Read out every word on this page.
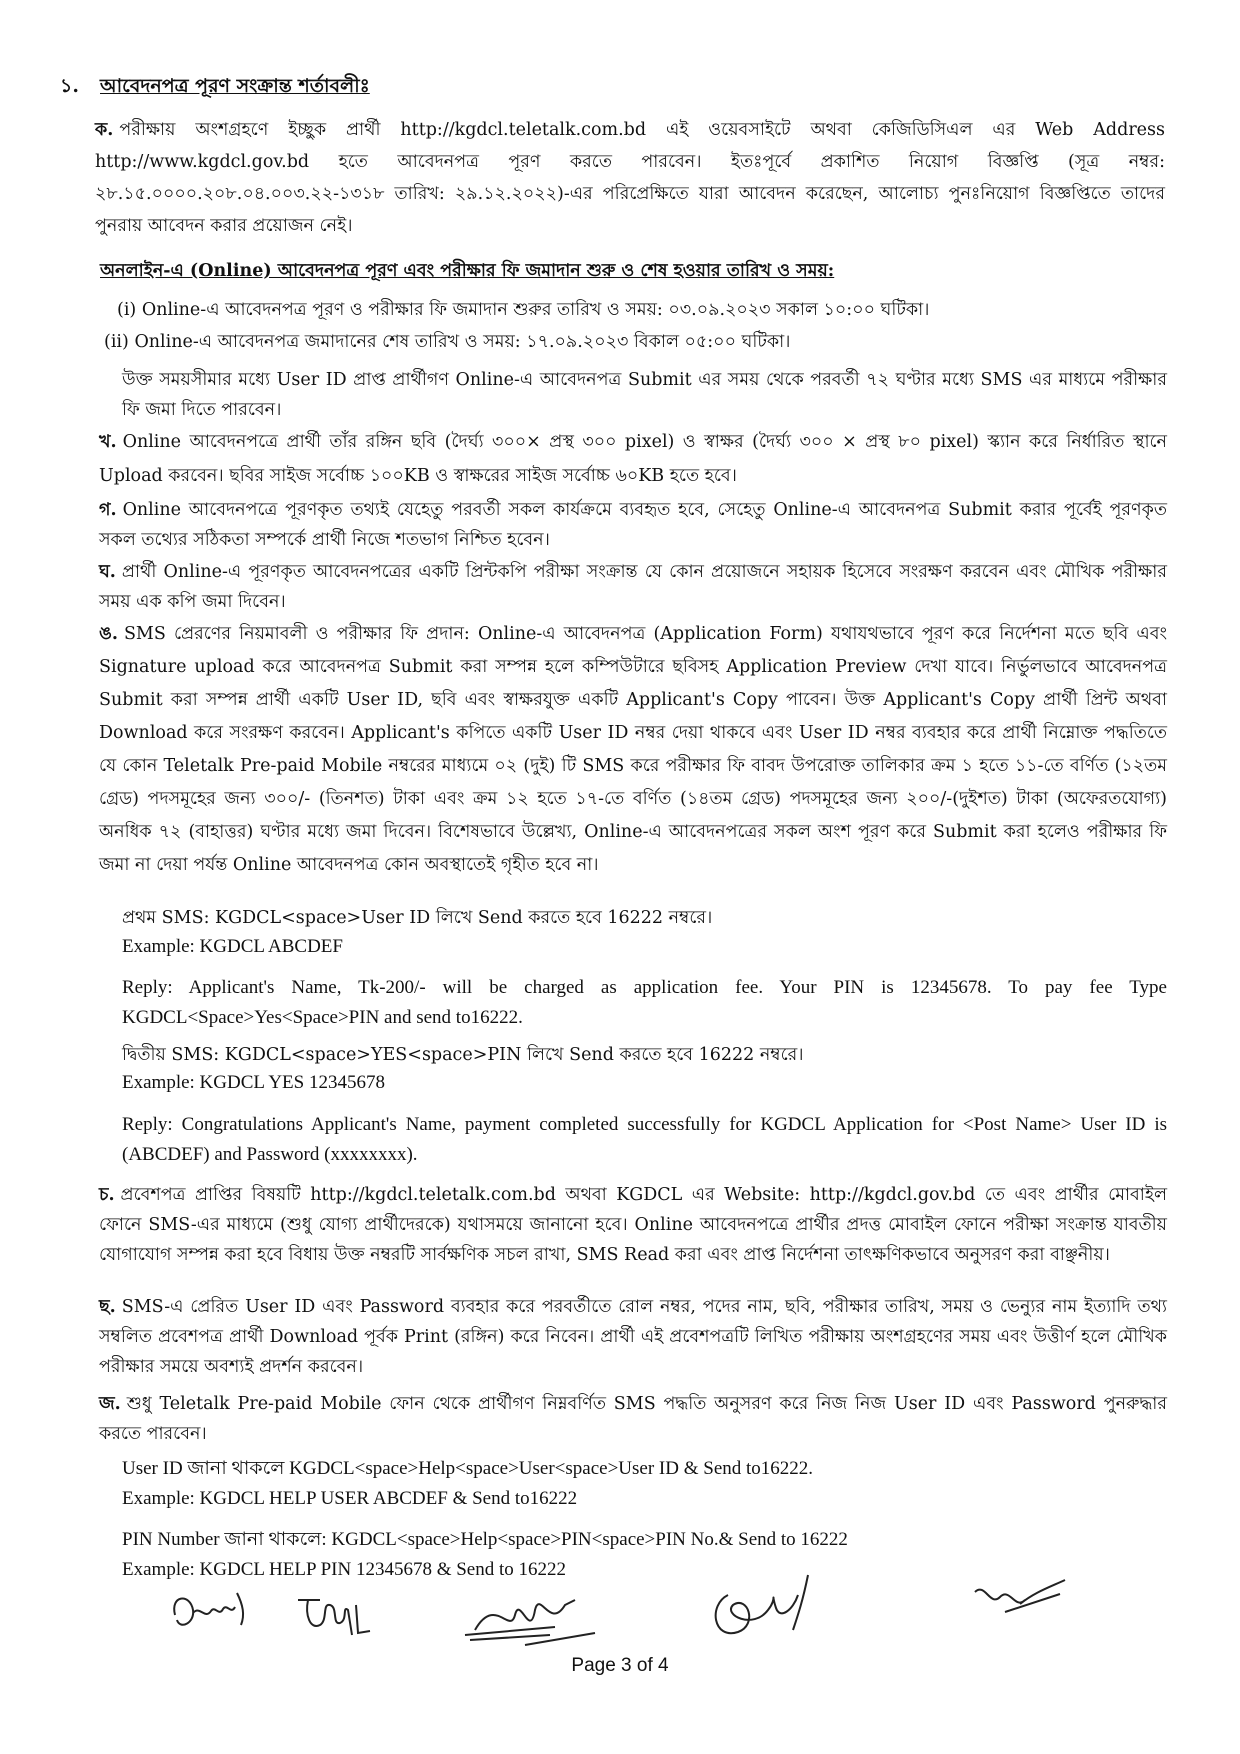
১. আবেদনপত্র পূরণ সংক্রান্ত শর্তাবলীঃ
ক. পরীক্ষায় অংশগ্রহণে ইচ্ছুক প্রার্থী http://kgdcl.teletalk.com.bd এই ওয়েবসাইটে অথবা কেজিডিসিএল এর Web Address http://www.kgdcl.gov.bd হতে আবেদনপত্র পূরণ করতে পারবেন। ইতঃপূর্বে প্রকাশিত নিয়োগ বিজ্ঞপ্তি (সূত্র নম্বর: ২৮.১৫.০০০০.২০৮.০৪.০০৩.২২-১৩১৮ তারিখ: ২৯.১২.২০২২)-এর পরিপ্রেক্ষিতে যারা আবেদন করেছেন, আলোচ্য পুনঃনিয়োগ বিজ্ঞপ্তিতে তাদের পুনরায় আবেদন করার প্রয়োজন নেই।
অনলাইন-এ (Online) আবেদনপত্র পূরণ এবং পরীক্ষার ফি জমাদান শুরু ও শেষ হওয়ার তারিখ ও সময়:
(i) Online-এ আবেদনপত্র পূরণ ও পরীক্ষার ফি জমাদান শুরুর তারিখ ও সময়: ০৩.০৯.২০২৩ সকাল ১০:০০ ঘটিকা।
(ii) Online-এ আবেদনপত্র জমাদানের শেষ তারিখ ও সময়: ১৭.০৯.২০২৩ বিকাল ০৫:০০ ঘটিকা।
উক্ত সময়সীমার মধ্যে User ID প্রাপ্ত প্রার্থীগণ Online-এ আবেদনপত্র Submit এর সময় থেকে পরবর্তী ৭২ ঘণ্টার মধ্যে SMS এর মাধ্যমে পরীক্ষার ফি জমা দিতে পারবেন।
খ. Online আবেদনপত্রে প্রার্থী তাঁর রঙ্গিন ছবি (দৈর্ঘ্য ৩০০× প্রস্থ ৩০০ pixel) ও স্বাক্ষর (দৈর্ঘ্য ৩০০ × প্রস্থ ৮০ pixel) স্ক্যান করে নির্ধারিত স্থানে Upload করবেন। ছবির সাইজ সর্বোচ্চ ১০০KB ও স্বাক্ষরের সাইজ সর্বোচ্চ ৬০KB হতে হবে।
গ. Online আবেদনপত্রে পূরণকৃত তথ্যই যেহেতু পরবর্তী সকল কার্যক্রমে ব্যবহৃত হবে, সেহেতু Online-এ আবেদনপত্র Submit করার পূর্বেই পূরণকৃত সকল তথ্যের সঠিকতা সম্পর্কে প্রার্থী নিজে শতভাগ নিশ্চিত হবেন।
ঘ. প্রার্থী Online-এ পূরণকৃত আবেদনপত্রের একটি প্রিন্টকপি পরীক্ষা সংক্রান্ত যে কোন প্রয়োজনে সহায়ক হিসেবে সংরক্ষণ করবেন এবং মৌখিক পরীক্ষার সময় এক কপি জমা দিবেন।
ঙ. SMS প্রেরণের নিয়মাবলী ও পরীক্ষার ফি প্রদান: Online-এ আবেদনপত্র (Application Form) যথাযথভাবে পূরণ করে নির্দেশনা মতে ছবি এবং Signature upload করে আবেদনপত্র Submit করা সম্পন্ন হলে কম্পিউটারে ছবিসহ Application Preview দেখা যাবে। নির্ভুলভাবে আবেদনপত্র Submit করা সম্পন্ন প্রার্থী একটি User ID, ছবি এবং স্বাক্ষরযুক্ত একটি Applicant's Copy পাবেন। উক্ত Applicant's Copy প্রার্থী প্রিন্ট অথবা Download করে সংরক্ষণ করবেন। Applicant's কপিতে একটি User ID নম্বর দেয়া থাকবে এবং User ID নম্বর ব্যবহার করে প্রার্থী নিম্নোক্ত পদ্ধতিতে যে কোন Teletalk Pre-paid Mobile নম্বরের মাধ্যমে ০২ (দুই) টি SMS করে পরীক্ষার ফি বাবদ উপরোক্ত তালিকার ক্রম ১ হতে ১১-তে বর্ণিত (১২তম গ্রেড) পদসমূহের জন্য ৩০০/- (তিনশত) টাকা এবং ক্রম ১২ হতে ১৭-তে বর্ণিত (১৪তম গ্রেড) পদসমূহের জন্য ২০০/-(দুইশত) টাকা (অফেরতযোগ্য) অনধিক ৭২ (বাহাত্তর) ঘণ্টার মধ্যে জমা দিবেন। বিশেষভাবে উল্লেখ্য, Online-এ আবেদনপত্রের সকল অংশ পূরণ করে Submit করা হলেও পরীক্ষার ফি জমা না দেয়া পর্যন্ত Online আবেদনপত্র কোন অবস্থাতেই গৃহীত হবে না।
প্রথম SMS: KGDCL<space>User ID লিখে Send করতে হবে 16222 নম্বরে।
Example: KGDCL ABCDEF
Reply: Applicant's Name, Tk-200/- will be charged as application fee. Your PIN is 12345678. To pay fee Type KGDCL<Space>Yes<Space>PIN and send to16222.
দ্বিতীয় SMS: KGDCL<space>YES<space>PIN লিখে Send করতে হবে 16222 নম্বরে।
Example: KGDCL YES 12345678
Reply: Congratulations Applicant's Name, payment completed successfully for KGDCL Application for <Post Name> User ID is (ABCDEF) and Password (xxxxxxxx).
চ. প্রবেশপত্র প্রাপ্তির বিষয়টি http://kgdcl.teletalk.com.bd অথবা KGDCL এর Website: http://kgdcl.gov.bd তে এবং প্রার্থীর মোবাইল ফোনে SMS-এর মাধ্যমে (শুধু যোগ্য প্রার্থীদেরকে) যথাসময়ে জানানো হবে। Online আবেদনপত্রে প্রার্থীর প্রদত্ত মোবাইল ফোনে পরীক্ষা সংক্রান্ত যাবতীয় যোগাযোগ সম্পন্ন করা হবে বিধায় উক্ত নম্বরটি সার্বক্ষণিক সচল রাখা, SMS Read করা এবং প্রাপ্ত নির্দেশনা তাৎক্ষণিকভাবে অনুসরণ করা বাঞ্ছনীয়।
ছ. SMS-এ প্রেরিত User ID এবং Password ব্যবহার করে পরবর্তীতে রোল নম্বর, পদের নাম, ছবি, পরীক্ষার তারিখ, সময় ও ভেন্যুর নাম ইত্যাদি তথ্য সম্বলিত প্রবেশপত্র প্রার্থী Download পূর্বক Print (রঙ্গিন) করে নিবেন। প্রার্থী এই প্রবেশপত্রটি লিখিত পরীক্ষায় অংশগ্রহণের সময় এবং উত্তীর্ণ হলে মৌখিক পরীক্ষার সময়ে অবশ্যই প্রদর্শন করবেন।
জ. শুধু Teletalk Pre-paid Mobile ফোন থেকে প্রার্থীগণ নিম্নবর্ণিত SMS পদ্ধতি অনুসরণ করে নিজ নিজ User ID এবং Password পুনরুদ্ধার করতে পারবেন।
User ID জানা থাকলে KGDCL<space>Help<space>User<space>User ID & Send to16222.
Example: KGDCL HELP USER ABCDEF & Send to16222
PIN Number জানা থাকলে: KGDCL<space>Help<space>PIN<space>PIN No.& Send to 16222
Example: KGDCL HELP PIN 12345678 & Send to 16222
Page 3 of 4
